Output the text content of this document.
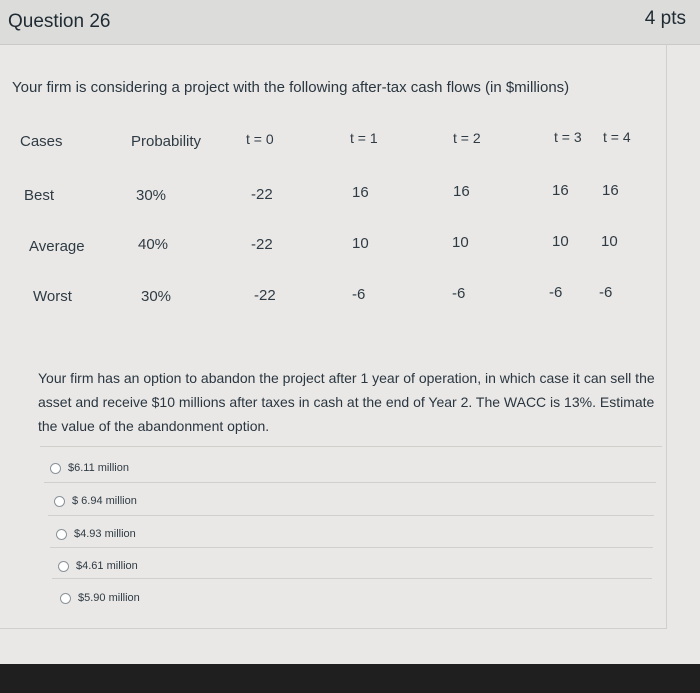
Question 26	4 pts
Your firm is considering a project with the following after-tax cash flows (in $millions)
Cases	Probability	t = 0	t = 1	t = 2	t = 3 t = 4
Best	30%	-22	16	16	16 16
Average	40%	-22	10	10	10 10
Worst	30%	-22	-6	-6	-6 -6
Your firm has an option to abandon the project after 1 year of operation, in which case it can sell the asset and receive $10 millions after taxes in cash at the end of Year 2. The WACC is 13%. Estimate the value of the abandonment option.
$6.11 million
$ 6.94 million
$4.93 million
$4.61 million
$5.90 million
